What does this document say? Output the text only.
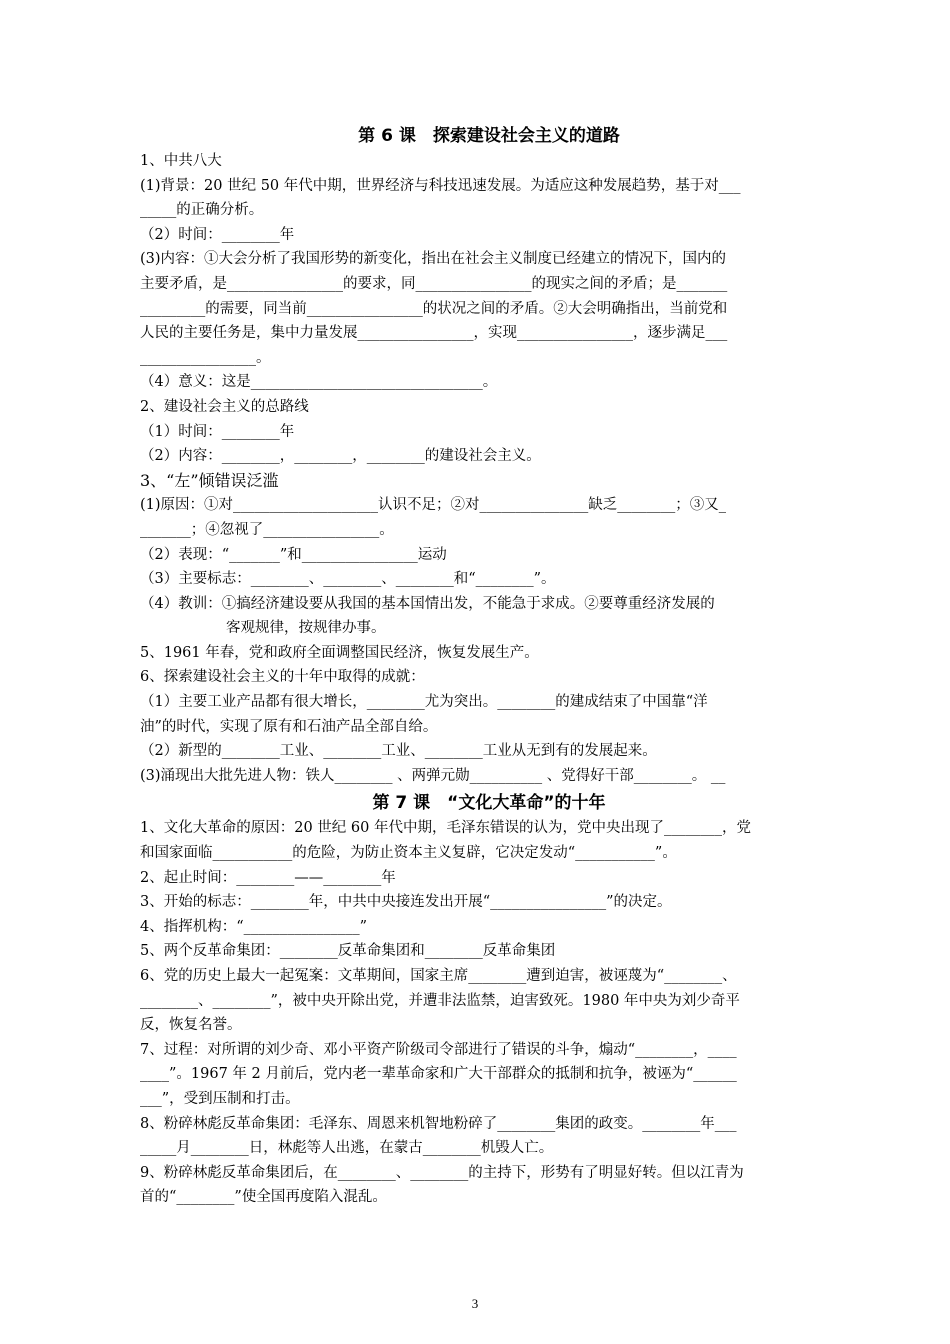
第 6 课　探索建设社会主义的道路
1、中共八大
(1)背景：20 世纪 50 年代中期，世界经济与科技迅速发展。为适应这种发展趋势，基于对___
_____的正确分析。
（2）时间：________年
(3)内容：①大会分析了我国形势的新变化，指出在社会主义制度已经建立的情况下，国内的
主要矛盾，是________________的要求，同________________的现实之间的矛盾；是_______
_________的需要，同当前________________的状况之间的矛盾。②大会明确指出，当前党和
人民的主要任务是，集中力量发展________________，实现________________，逐步满足___
________________。
（4）意义：这是________________________________。
2、建设社会主义的总路线
（1）时间：________年
（2）内容：________，________，________的建设社会主义。
3、“左”倾错误泛滥
(1)原因：①对____________________认识不足；②对_______________缺乏________；③又_
_______；④忽视了________________。
（2）表现：“_______”和________________运动
（3）主要标志：________、________、________和“________”。
（4）教训：①搞经济建设要从我国的基本国情出发，不能急于求成。②要尊重经济发展的
客观规律，按规律办事。
5、1961 年春，党和政府全面调整国民经济，恢复发展生产。
6、探索建设社会主义的十年中取得的成就：
（1）主要工业产品都有很大增长，________尤为突出。________的建成结束了中国靠“洋
油”的时代，实现了原有和石油产品全部自给。
（2）新型的________工业、________工业、________工业从无到有的发展起来。
(3)涌现出大批先进人物：铁人________ 、两弹元勋__________ 、党得好干部________。 __
第 7 课　“文化大革命”的十年
1、文化大革命的原因：20 世纪 60 年代中期，毛泽东错误的认为，党中央出现了________，党
和国家面临___________的危险，为防止资本主义复辟，它决定发动“___________”。
2、起止时间：________——________年
3、开始的标志：________年，中共中央接连发出开展“________________”的决定。
4、指挥机构：“________________”
5、两个反革命集团：________反革命集团和________反革命集团
6、党的历史上最大一起冤案：文革期间，国家主席________遭到迫害，被诬蔑为“________、
________、________”，被中央开除出党，并遭非法监禁，迫害致死。1980 年中央为刘少奇平
反，恢复名誉。
7、过程：对所谓的刘少奇、邓小平资产阶级司令部进行了错误的斗争，煽动“________，____
____”。1967 年 2 月前后，党内老一辈革命家和广大干部群众的抵制和抗争，被诬为“______
___”，受到压制和打击。
8、粉碎林彪反革命集团：毛泽东、周恩来机智地粉碎了________集团的政变。________年___
_____月________日，林彪等人出逃，在蒙古________机毁人亡。
9、粉碎林彪反革命集团后，在________、________的主持下，形势有了明显好转。但以江青为
首的“________”使全国再度陷入混乱。
3
